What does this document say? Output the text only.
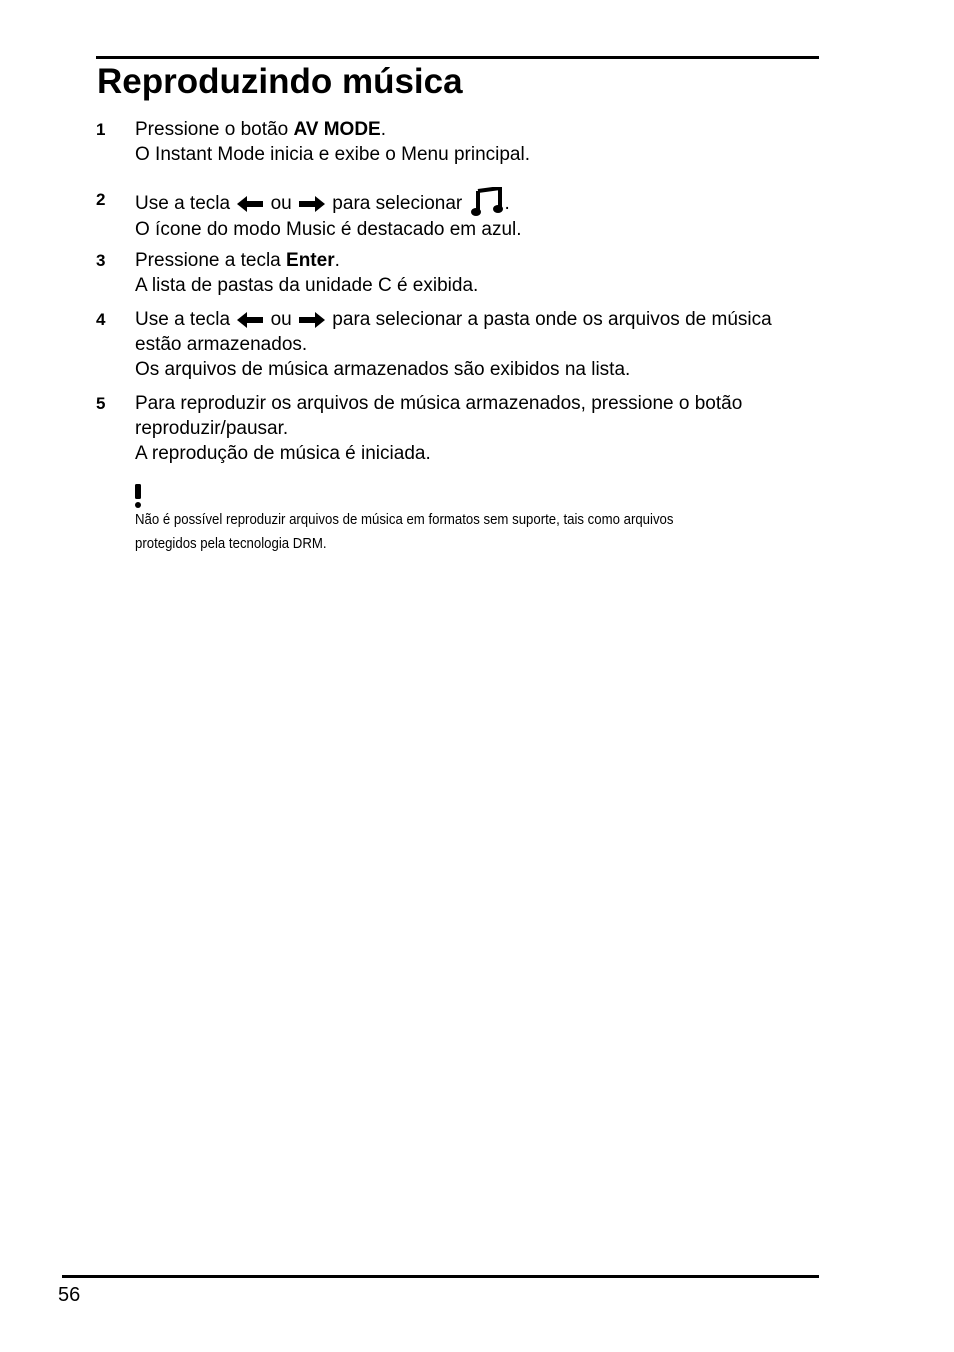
Reproduzindo música
1 Pressione o botão AV MODE.
O Instant Mode inicia e exibe o Menu principal.
2 Use a tecla  ou  para selecionar .
O ícone do modo Music é destacado em azul.
3 Pressione a tecla Enter.
A lista de pastas da unidade C é exibida.
4 Use a tecla  ou  para selecionar a pasta onde os arquivos de música
estão armazenados.
Os arquivos de música armazenados são exibidos na lista.
5 Para reproduzir os arquivos de música armazenados, pressione o botão
reproduzir/pausar.
A reprodução de música é iniciada.
Não é possível reproduzir arquivos de música em formatos sem suporte, tais como arquivos
protegidos pela tecnologia DRM.
56
